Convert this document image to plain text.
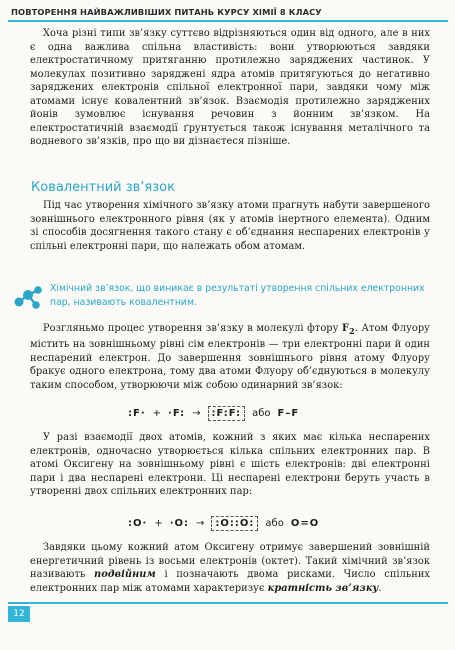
ПОВТОРЕННЯ НАЙВАЖЛИВІШИХ ПИТАНЬ КУРСУ ХІМІЇ 8 КЛАСУ

Хоча різні типи зв’язку суттєво відрізняються один від одного, але в них є одна важлива спільна властивість: вони утворюються завдяки електростатичному притяганню протилежно заряджених частинок. У молекулах позитивно заряджені ядра атомів притягуються до негативно заряджених електронів спільної електронної пари, завдяки чому між атомами існує ковалентний зв’язок. Взаємодія протилежно заряджених йонів зумовлює існування речовин з йонним зв’язком. На електростатичній взаємодії ґрунтується також існування металічного та водневого зв’язків, про що ви дізнаєтеся пізніше.

Ковалентний зв’язок

Під час утворення хімічного зв’язку атоми прагнуть набути завершеного зовнішнього електронного рівня (як у атомів інертного елемента). Одним зі способів досягнення такого стану є об’єднання неспарених електронів у спільні електронні пари, що належать обом атомам.

Хімічний зв’язок, що виникає в результаті утворення спільних електронних пар, називають ковалентним.

Розгляньмо процес утворення зв’язку в молекулі фтору $F_2$. Атом Флуору містить на зовнішньому рівні сім електронів — три електронні пари й один неспарений електрон. До завершення зовнішнього рівня атому Флуору бракує одного електрона, тому два атоми Флуору об’єднуються в молекулу таким способом, утворюючи між собою одинарний зв’язок:

:F· + ·F: →	:F:F:	або F–F

У разі взаємодії двох атомів, кожний з яких має кілька неспарених електронів, одночасно утворюється кілька спільних електронних пар. В атомі Оксигену на зовнішньому рівні є шість електронів: дві електронні пари і два неспарені електрони. Ці неспарені електрони беруть участь в утворенні двох спільних електронних пар:

:O· + ·O: →	:O::O:	або O=O

Завдяки цьому кожний атом Оксигену отримує завершений зовнішній енергетичний рівень із восьми електронів (октет). Такий хімічний зв’язок називають подвійним і позначають двома рисками. Число спільних електронних пар між атомами характеризує кратність зв’язку.

12
